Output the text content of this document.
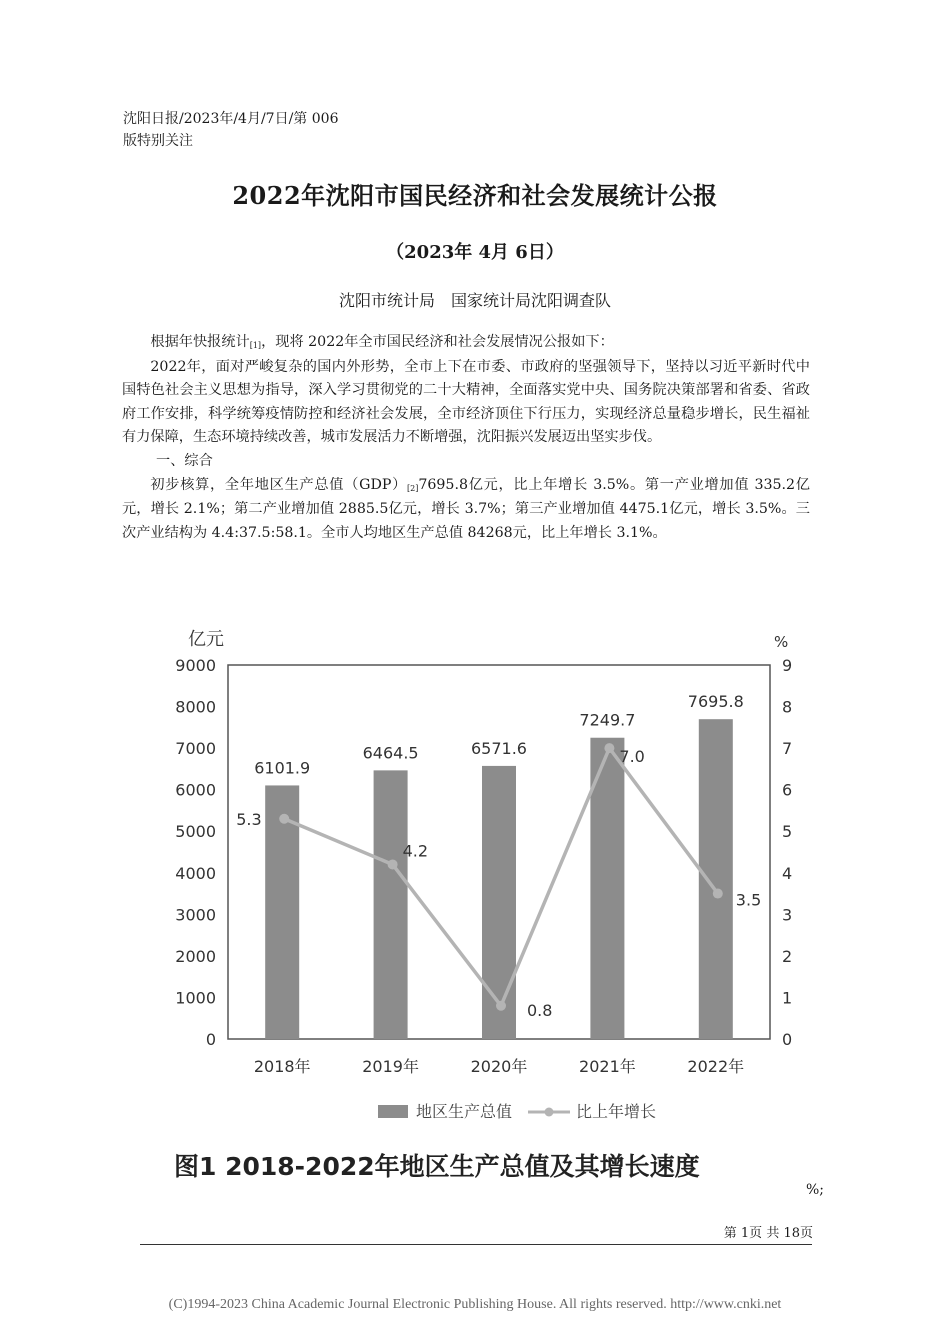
沈阳日报/2023年/4月/7日/第 006
版特别关注
2022年沈阳市国民经济和社会发展统计公报
（2023年 4月 6日）
沈阳市统计局　国家统计局沈阳调查队

根据年快报统计[1]，现将 2022年全市国民经济和社会发展情况公报如下：

2022年，面对严峻复杂的国内外形势，全市上下在市委、市政府的坚强领导下，坚持以习近平新时代中国特色社会主义思想为指导，深入学习贯彻党的二十大精神，全面落实党中央、国务院决策部署和省委、省政府工作安排，科学统筹疫情防控和经济社会发展，全市经济顶住下行压力，实现经济总量稳步增长，民生福祉有力保障，生态环境持续改善，城市发展活力不断增强，沈阳振兴发展迈出坚实步伐。

一、综合

初步核算，全年地区生产总值（GDP）[2]7695.8亿元，比上年增长 3.5%。第一产业增加值 335.2亿元，增长 2.1%；第二产业增加值 2885.5亿元，增长 3.7%；第三产业增加值 4475.1亿元，增长 3.5%。三次产业结构为 4.4:37.5:58.1。全市人均地区生产总值 84268元，比上年增长 3.1%。

亿元	%
0
1000
2000
3000
4000
5000
6000
7000
8000
9000
0
1
2
3
4
5
6
7
8
9
6101.9
6464.5	6571.6
7249.7
7695.8
5.3
4.2
0.8
7.0
3.5
2018年	2019年	2020年	2021年	2022年
地区生产总值	比上年增长
图1 2018-2022年地区生产总值及其增长速度
%;
第 1页 共 18页
(C)1994-2023 China Academic Journal Electronic Publishing House. All rights reserved. http://www.cnki.net
